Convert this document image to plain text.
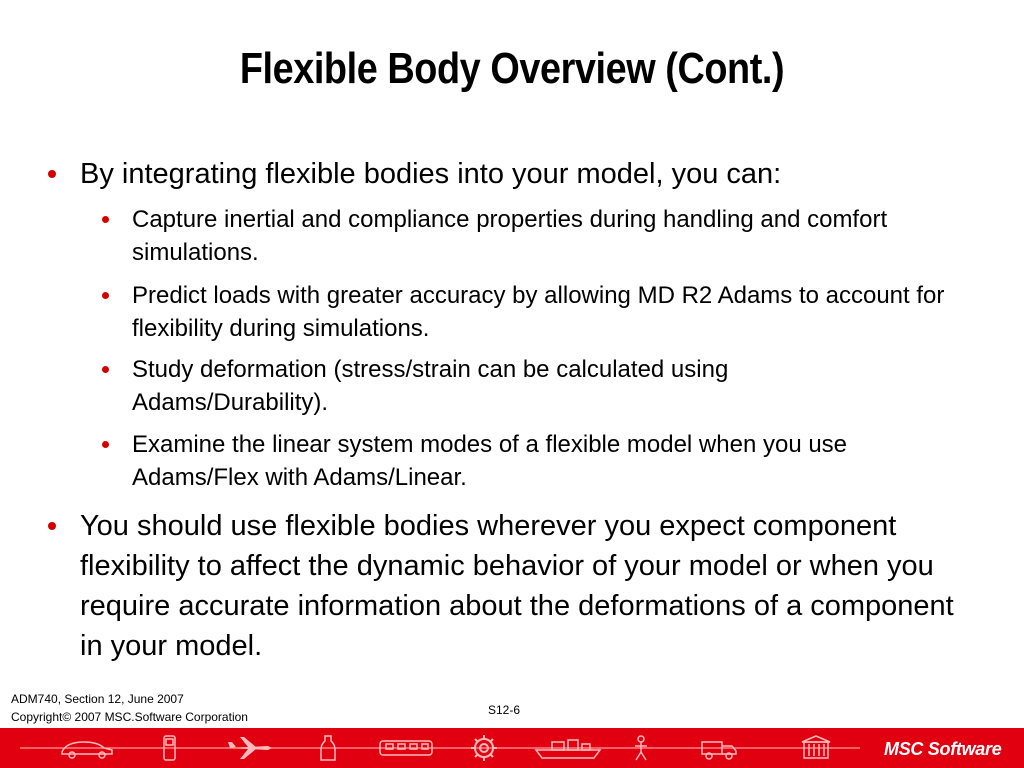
Flexible Body Overview (Cont.)
By integrating flexible bodies into your model, you can:
Capture inertial and compliance properties during handling and comfort simulations.
Predict loads with greater accuracy by allowing MD R2 Adams to account for flexibility during simulations.
Study deformation (stress/strain can be calculated using Adams/Durability).
Examine the linear system modes of a flexible model when you use Adams/Flex with Adams/Linear.
You should use flexible bodies wherever you expect component flexibility to affect the dynamic behavior of your model or when you require accurate information about the deformations of a component in your model.
ADM740, Section 12, June 2007
Copyright© 2007 MSC.Software Corporation	S12-6
MSC Software
